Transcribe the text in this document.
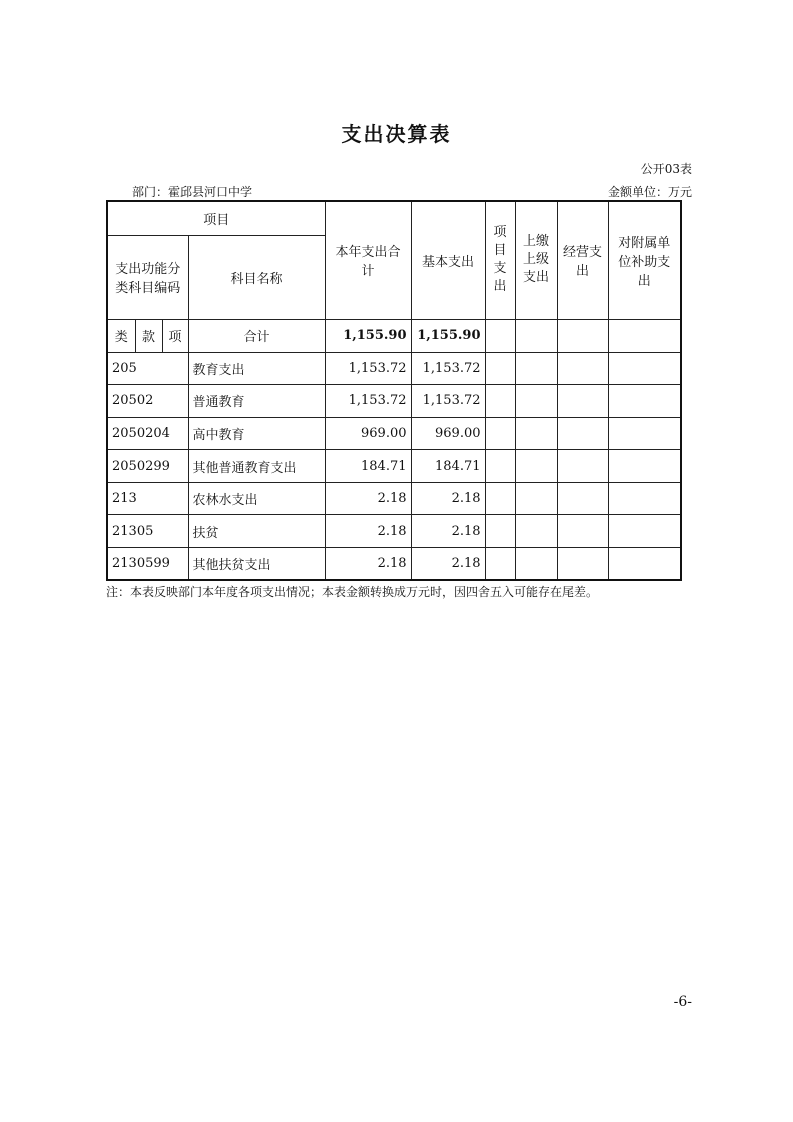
支出决算表
公开03表
部门：霍邱县河口中学	金额单位：万元
项目				本年支出合计	基本支出	项目支出	上缴上级支出	经营支出	对附属单位补助支出
支出功能分类科目编码			科目名称						
类	款	项	合计	1,155.90	1,155.90				
205			教育支出	1,153.72	1,153.72				
20502			普通教育	1,153.72	1,153.72				
2050204			高中教育	969.00	969.00				
2050299			其他普通教育支出	184.71	184.71				
213			农林水支出	2.18	2.18				
21305			扶贫	2.18	2.18				
2130599			其他扶贫支出	2.18	2.18				
注：本表反映部门本年度各项支出情况；本表金额转换成万元时，因四舍五入可能存在尾差。
-6-
